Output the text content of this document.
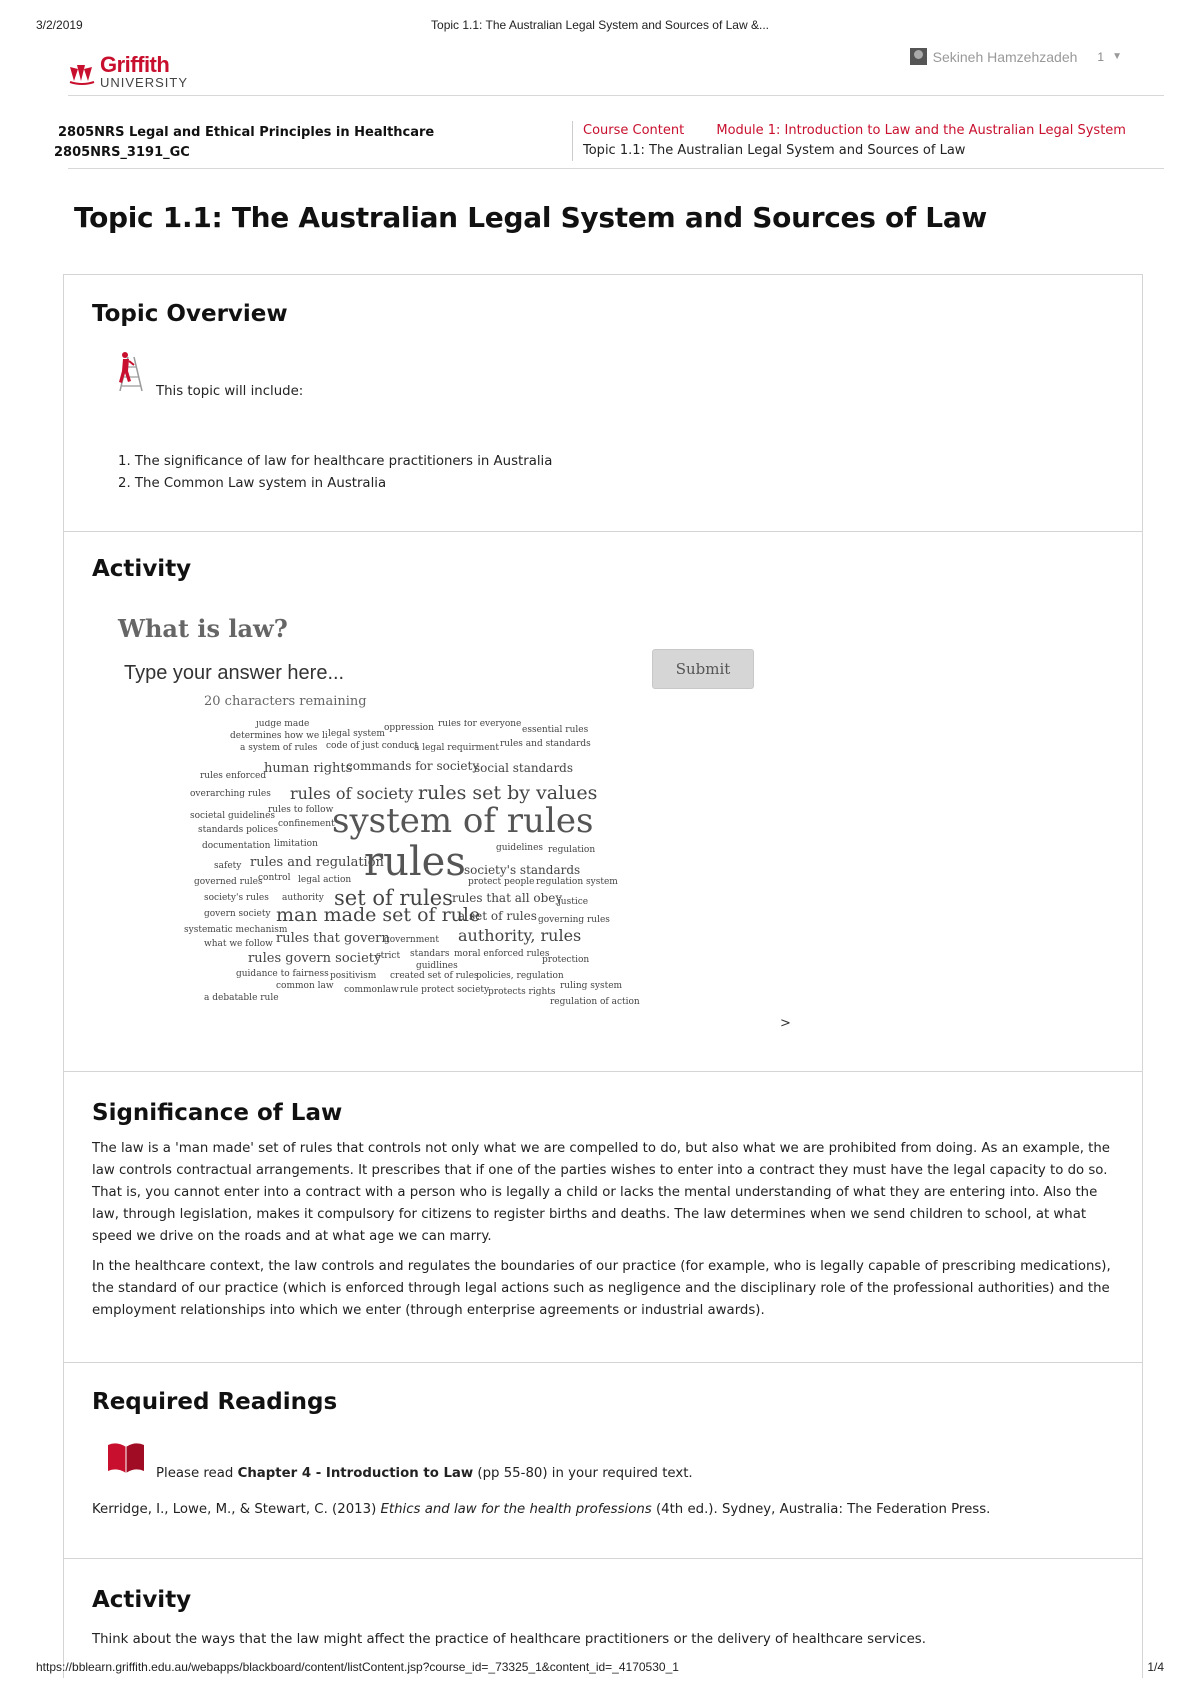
3/2/2019	Topic 1.1: The Australian Legal System and Sources of Law &...
Griffith
UNIVERSITY
Sekineh Hamzehzadeh 1 ▼
2805NRS Legal and Ethical Principles in Healthcare
2805NRS_3191_GC
Course Content Module 1: Introduction to Law and the Australian Legal System
Topic 1.1: The Australian Legal System and Sources of Law
Topic 1.1: The Australian Legal System and Sources of Law
Topic Overview

This topic will include:

1. The significance of law for healthcare practitioners in Australia
2. The Common Law system in Australia
Activity
What is law?
Type your answer here...
Submit
20 characters remaining
judge made
determines how we li legal system
oppression rules for everyone
essential rules
a system of rules code of just conduct
a legal requirment rules and standards
human rights
commands for society
social standards
rules enforced
overarching rules rules of society rules set by values
societal guidelines
rules to follow
confinement
system of rules
standards polices
documentation limitation	guidelines regulation
safety rules and regulation
rules
society's standards
governed rules
control legal action	protect people regulation system
society's rules authority set of rules rules that all obey
justice
govern society man made set of rule
a set of rules governing rules
systematic mechanism
what we follow rules that govern
government authority, rules
strict standars moral enforced rules
protection
rules govern society	guidlines
guidance to fairness positivism created set of rules
policies, regulation
ruling system
common law commonlaw rule protect society
protects rights
a debatable rule	regulation of action
>
Significance of Law

The law is a 'man made' set of rules that controls not only what we are compelled to do, but also what we are prohibited from doing. As an example, the law controls contractual arrangements. It prescribes that if one of the parties wishes to enter into a contract they must have the legal capacity to do so. That is, you cannot enter into a contract with a person who is legally a child or lacks the mental understanding of what they are entering into. Also the law, through legislation, makes it compulsory for citizens to register births and deaths. The law determines when we send children to school, at what speed we drive on the roads and at what age we can marry.

In the healthcare context, the law controls and regulates the boundaries of our practice (for example, who is legally capable of prescribing medications), the standard of our practice (which is enforced through legal actions such as negligence and the disciplinary role of the professional authorities) and the employment relationships into which we enter (through enterprise agreements or industrial awards).

Required Readings

Please read Chapter 4 - Introduction to Law (pp 55-80) in your required text.

Kerridge, I., Lowe, M., & Stewart, C. (2013) Ethics and law for the health professions (4th ed.). Sydney, Australia: The Federation Press.

Activity

Think about the ways that the law might affect the practice of healthcare practitioners or the delivery of healthcare services.

https://bblearn.griffith.edu.au/webapps/blackboard/content/listContent.jsp?course_id=_73325_1&content_id=_4170530_1	1/4
